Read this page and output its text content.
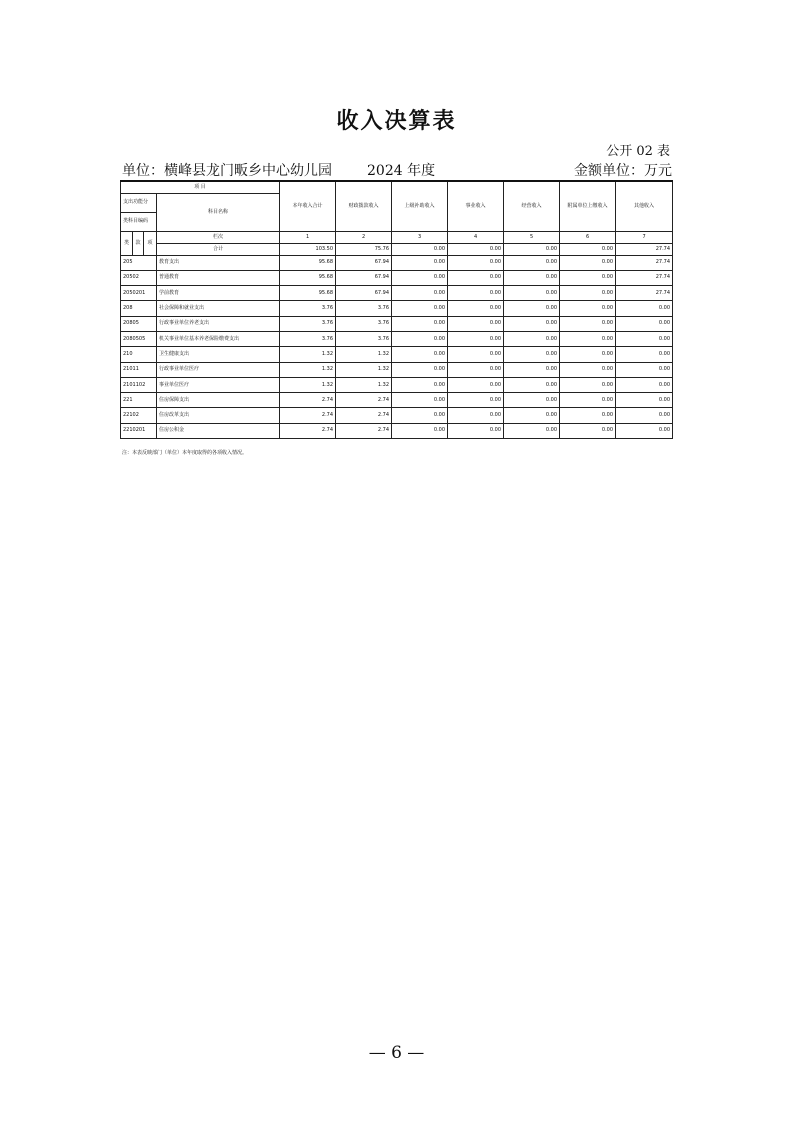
收入决算表
公开 02 表
单位：横峰县龙门畈乡中心幼儿园	2024 年度	金额单位：万元
项 目				本年收入合计	财政拨款收入	上级补助收入	事业收入	经营收入	附属单位上缴收入	其他收入
支出功能分			科目名称							
类科目编码										
类	款	项	栏次	1	2	3	4	5	6	7
			合计	103.50	75.76	0.00	0.00	0.00	0.00	27.74
205			教育支出	95.68	67.94	0.00	0.00	0.00	0.00	27.74
20502			普通教育	95.68	67.94	0.00	0.00	0.00	0.00	27.74
2050201			学前教育	95.68	67.94	0.00	0.00	0.00	0.00	27.74
208			社会保障和就业支出	3.76	3.76	0.00	0.00	0.00	0.00	0.00
20805			行政事业单位养老支出	3.76	3.76	0.00	0.00	0.00	0.00	0.00
2080505			机关事业单位基本养老保险缴费支出	3.76	3.76	0.00	0.00	0.00	0.00	0.00
210			卫生健康支出	1.32	1.32	0.00	0.00	0.00	0.00	0.00
21011			行政事业单位医疗	1.32	1.32	0.00	0.00	0.00	0.00	0.00
2101102			事业单位医疗	1.32	1.32	0.00	0.00	0.00	0.00	0.00
221			住房保障支出	2.74	2.74	0.00	0.00	0.00	0.00	0.00
22102			住房改革支出	2.74	2.74	0.00	0.00	0.00	0.00	0.00
2210201			住房公积金	2.74	2.74	0.00	0.00	0.00	0.00	0.00
注：本表反映部门（单位）本年度取得的各项收入情况。
— 6 —
